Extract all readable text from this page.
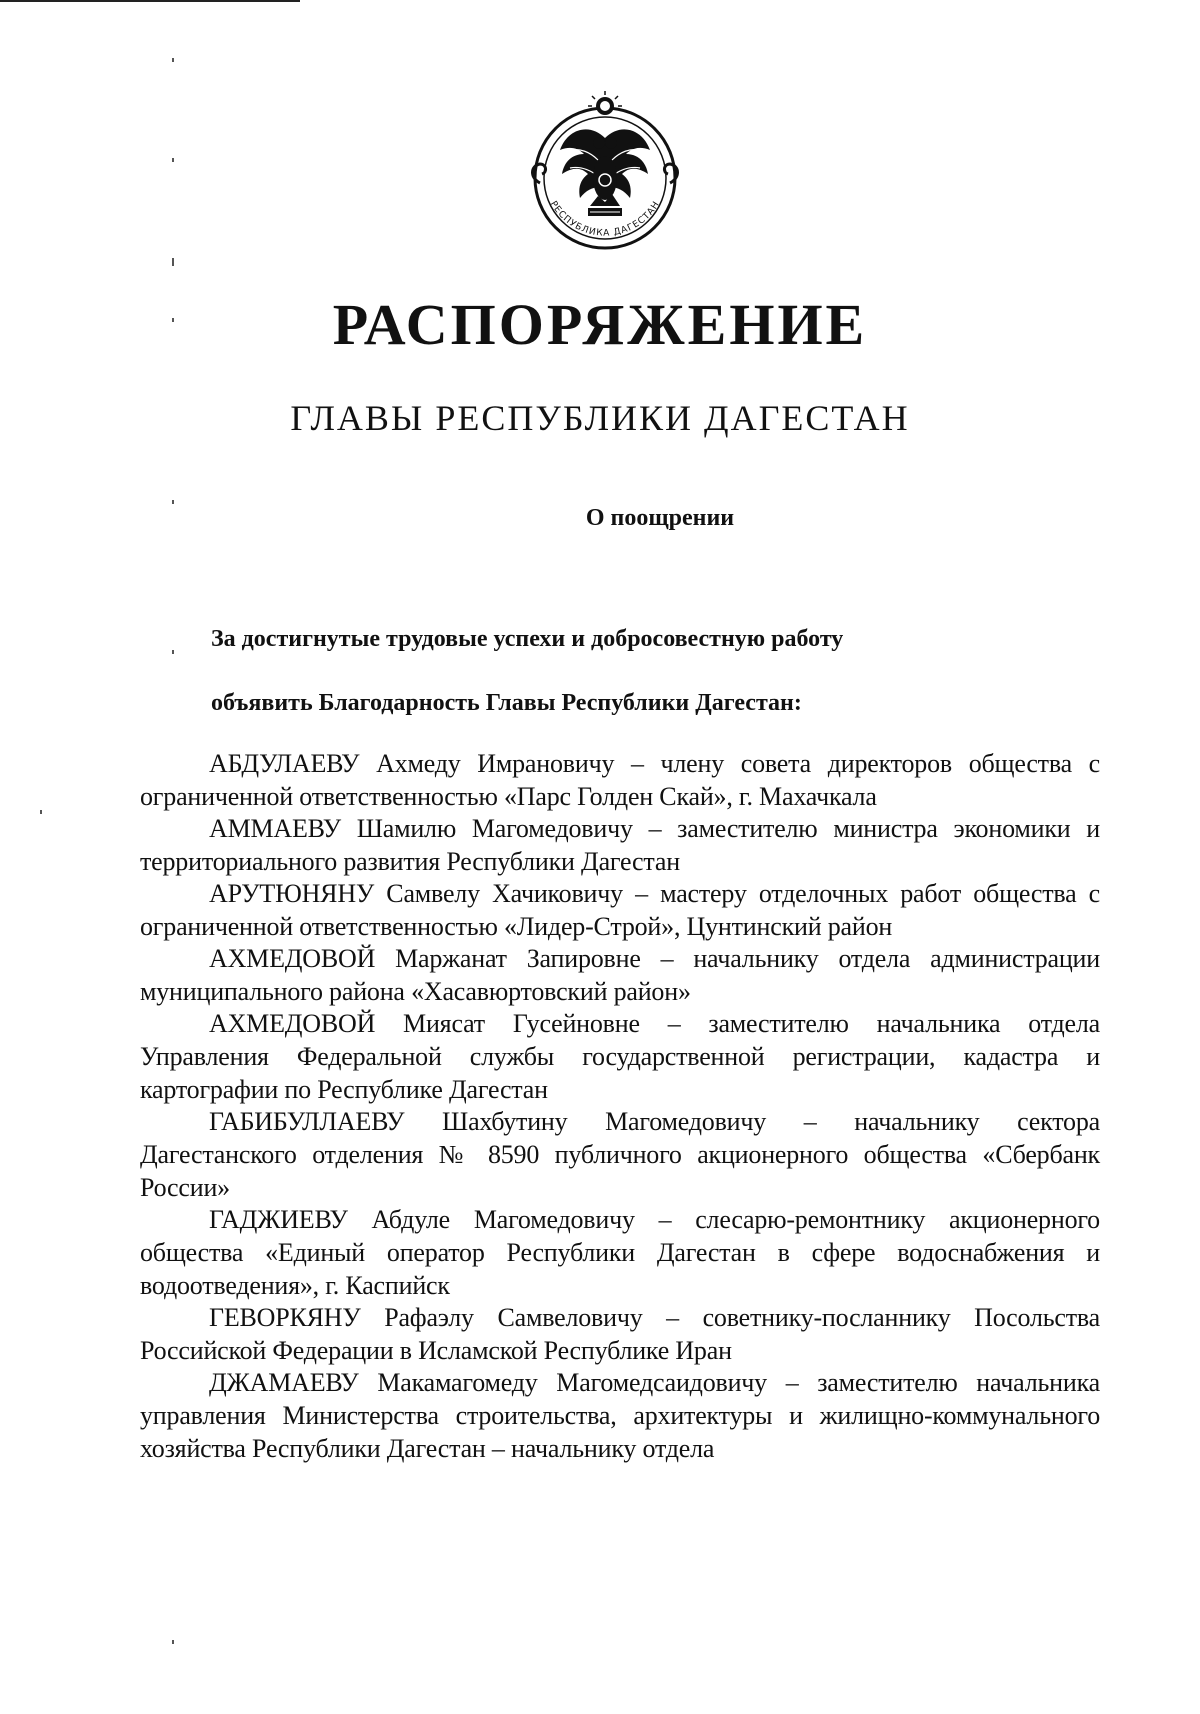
РЕСПУБЛИКА ДАГЕСТАН
РАСПОРЯЖЕНИЕ
ГЛАВЫ РЕСПУБЛИКИ ДАГЕСТАН
О поощрении
За достигнутые трудовые успехи и добросовестную работу
объявить Благодарность Главы Республики Дагестан:

АБДУЛАЕВУ Ахмеду Имрановичу – члену совета директоров общества с ограниченной ответственностью «Парс Голден Скай», г. Махачкала

АММАЕВУ Шамилю Магомедовичу – заместителю министра экономики и территориального развития Республики Дагестан

АРУТЮНЯНУ Самвелу Хачиковичу – мастеру отделочных работ общества с ограниченной ответственностью «Лидер-Строй», Цунтинский район

АХМЕДОВОЙ Маржанат Запировне – начальнику отдела администрации муниципального района «Хасавюртовский район»

АХМЕДОВОЙ Миясат Гусейновне – заместителю начальника отдела Управления Федеральной службы государственной регистрации, кадастра и картографии по Республике Дагестан

ГАБИБУЛЛАЕВУ Шахбутину Магомедовичу – начальнику сектора Дагестанского отделения № 8590 публичного акционерного общества «Сбербанк России»

ГАДЖИЕВУ Абдуле Магомедовичу – слесарю-ремонтнику акционерного общества «Единый оператор Республики Дагестан в сфере водоснабжения и водоотведения», г. Каспийск

ГЕВОРКЯНУ Рафаэлу Самвеловичу – советнику-посланнику Посольства Российской Федерации в Исламской Республике Иран

ДЖАМАЕВУ Макамагомеду Магомедсаидовичу – заместителю начальника управления Министерства строительства, архитектуры и жилищно-коммунального хозяйства Республики Дагестан – начальнику отдела
